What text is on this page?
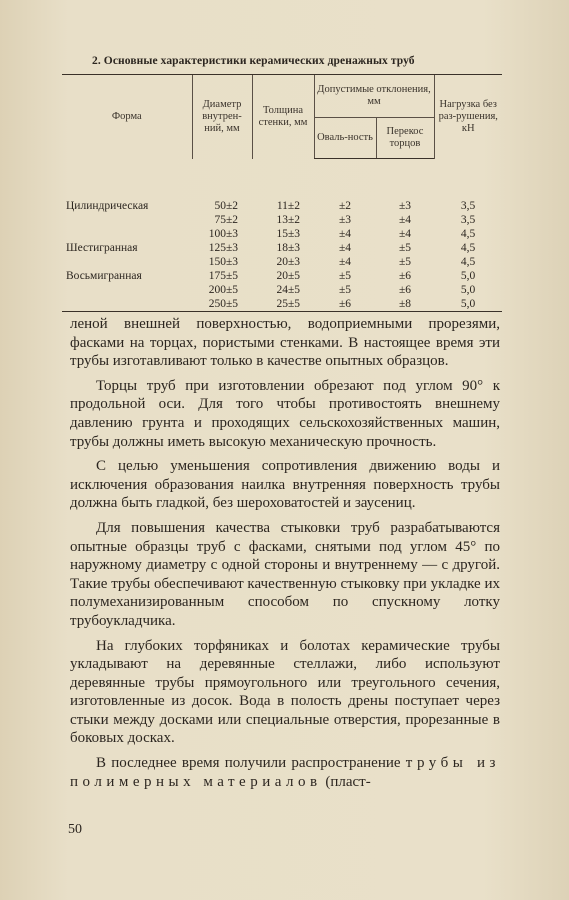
2. Основные характеристики керамических дренажных труб
Форма	Диаметр внутрен-ний, мм	Толщина стенки, мм	Допустимые отклонения, мм		Нагрузка без раз-рушения, кН
			Оваль-ность	Перекос торцов	

Цилиндрическая	50±2	11±2	±2	±3	3,5
	75±2	13±2	±3	±4	3,5
	100±3	15±3	±4	±4	4,5
Шестигранная	125±3	18±3	±4	±5	4,5
	150±3	20±3	±4	±5	4,5
Восьмигранная	175±5	20±5	±5	±6	5,0
	200±5	24±5	±5	±6	5,0
	250±5	25±5	±6	±8	5,0

леной внешней поверхностью, водоприемными прорезями, фасками на торцах, пористыми стенками. В настоящее время эти трубы изготавливают только в качестве опытных образцов.

Торцы труб при изготовлении обрезают под углом 90° к продольной оси. Для того чтобы противостоять внешнему давлению грунта и проходящих сельскохозяйственных машин, трубы должны иметь высокую механическую прочность.

С целью уменьшения сопротивления движению воды и исключения образования наилка внутренняя поверхность трубы должна быть гладкой, без шероховатостей и заусениц.

Для повышения качества стыковки труб разрабатываются опытные образцы труб с фасками, снятыми под углом 45° по наружному диаметру с одной стороны и внутреннему — с другой. Такие трубы обеспечивают качественную стыковку при укладке их полумеханизированным способом по спускному лотку трубоукладчика.

На глубоких торфяниках и болотах керамические трубы укладывают на деревянные стеллажи, либо используют деревянные трубы прямоугольного или треугольного сечения, изготовленные из досок. Вода в полость дрены поступает через стыки между досками или специальные отверстия, прорезанные в боковых досках.

В последнее время получили распространение трубы из полимерных материалов (пласт-

50
